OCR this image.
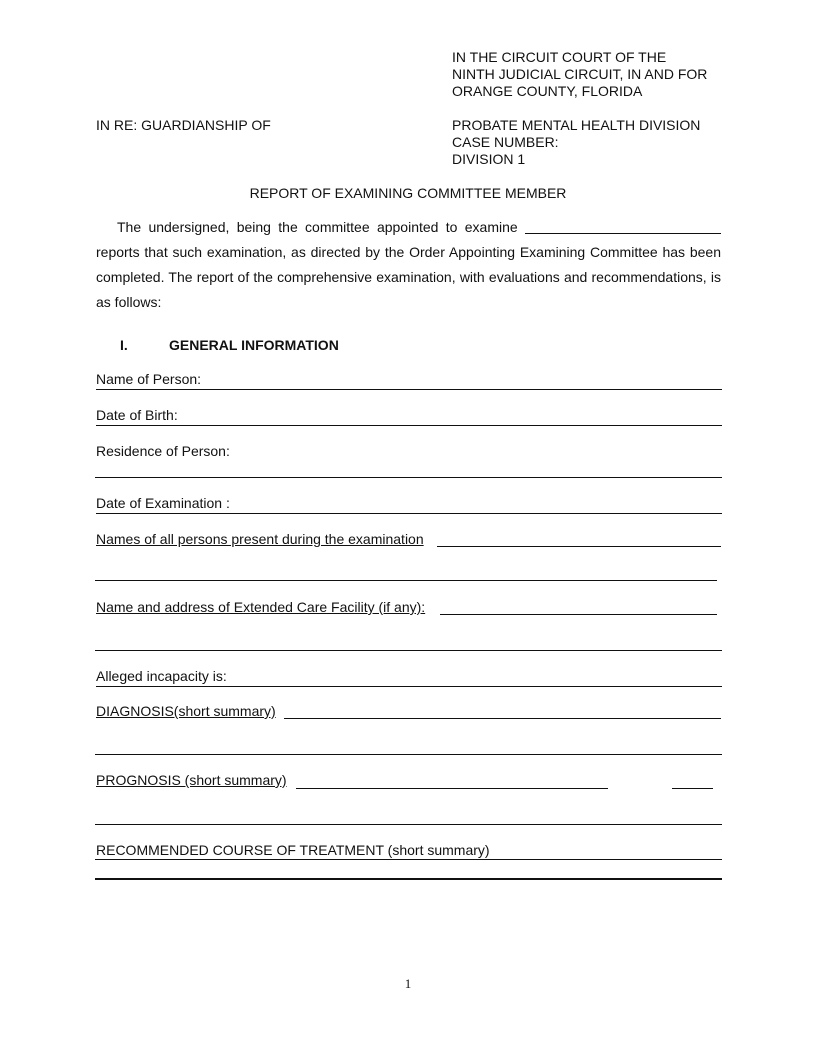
IN THE CIRCUIT COURT OF THE
NINTH JUDICIAL CIRCUIT, IN AND FOR
ORANGE COUNTY, FLORIDA
IN RE: GUARDIANSHIP OF	PROBATE MENTAL HEALTH DIVISION
CASE NUMBER:
DIVISION 1
REPORT OF EXAMINING COMMITTEE MEMBER
The undersigned, being the committee appointed to examine  reports that such examination, as directed by the Order Appointing Examining Committee has been completed. The report of the comprehensive examination, with evaluations and recommendations, is as follows:
I.	GENERAL INFORMATION
Name of Person:
Date of Birth:
Residence of Person:
Date of Examination :
Names of all persons present during the examination
Name and address of Extended Care Facility (if any):
Alleged incapacity is:
DIAGNOSIS(short summary)
PROGNOSIS (short summary)
RECOMMENDED COURSE OF TREATMENT (short summary)
1
